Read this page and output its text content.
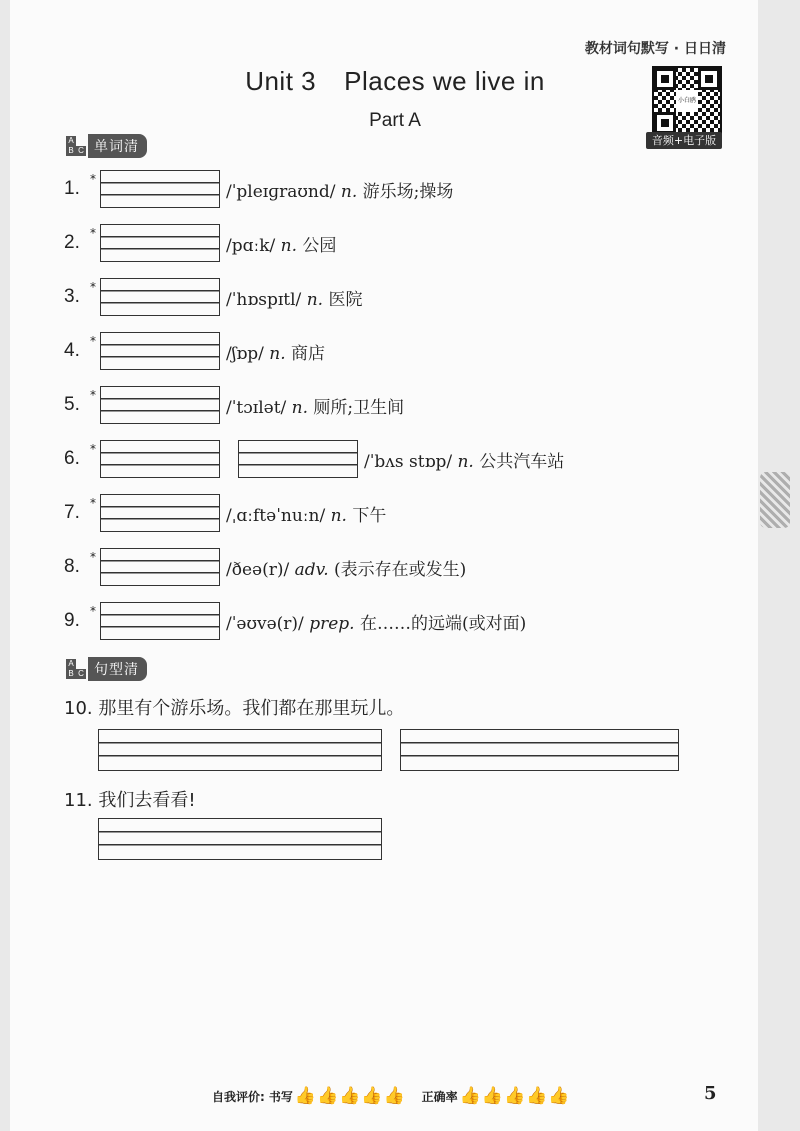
教材词句默写 · 日日清
Unit 3 Places we live in
Part A
小白鸥
音频+电子版
A
B C 单词清
1. *
/ˈpleɪɡraʊnd/ n. 游乐场;操场
2. *
/pɑːk/ n. 公园
3. *
/ˈhɒspɪtl/ n. 医院
4. *
/ʃɒp/ n. 商店
5. *
/ˈtɔɪlət/ n. 厕所;卫生间
6. *
/ˈbʌs stɒp/ n. 公共汽车站
7. *
/ˌɑːftəˈnuːn/ n. 下午
8. *
/ðeə(r)/ adv. (表示存在或发生)
9. *
/ˈəʊvə(r)/ prep. 在……的远端(或对面)
A
B C 句型清
10. 那里有个游乐场。我们都在那里玩儿。
11. 我们去看看!
自我评价: 书写 👍👍👍👍👍 正确率 👍👍👍👍👍	5
